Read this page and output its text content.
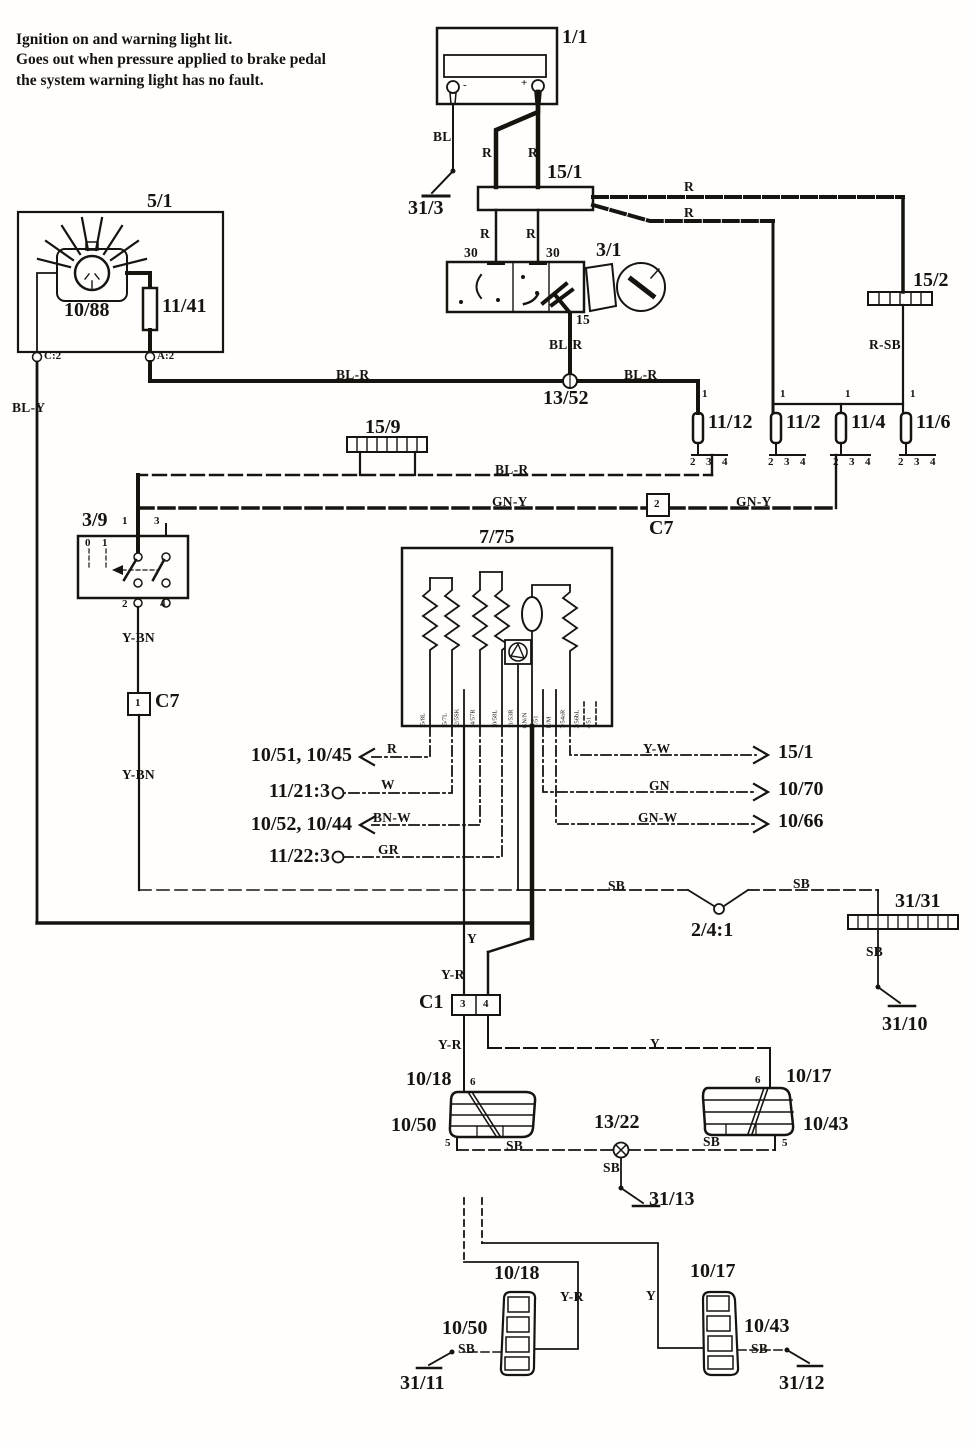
Ignition on and warning light lit.
Goes out when pressure applied to brake pedal
the system warning light has no fault.
1/1
15/1
3/1
5/1
10/88	11/41
31/3
15/2
13/52
11/12 11/2 11/4 11/6
15/9
C7
3/9
C7
7/75
10/51, 10/45
11/21:3
10/52, 10/44
11/22:3
15/1
10/70
10/66
2/4:1
31/31
31/10
C1
10/18
10/50
10/17
10/43
13/22
31/13
10/18
10/50
31/11
10/17
10/43
31/12
BL
R	R
R	R
30	30
R
R
R-SB
15
BL-R
BL-R	BL-R
BL-Y
BL-R
GN-Y	GN-Y
Y-BN
Y-BN
R
W
BN-W
GR
Y-W
GN
GN-W
SB	SB
SB
Y
Y-R
Y-R	Y
SB	SB
SB
Y-R	Y
SB	SB
-	+
C:2	A:2
1	1	1	1
2 3 4	2 3 4	2 3 4	2 3 4
1 3
2	4
0 1
2
1
3 4
6
5
6
5
15/8L 15/7L 12/5SK 14/57R 10/58L 11/53R GN/N Y/51 R/M 7/54aR 2/56bL 4/51
